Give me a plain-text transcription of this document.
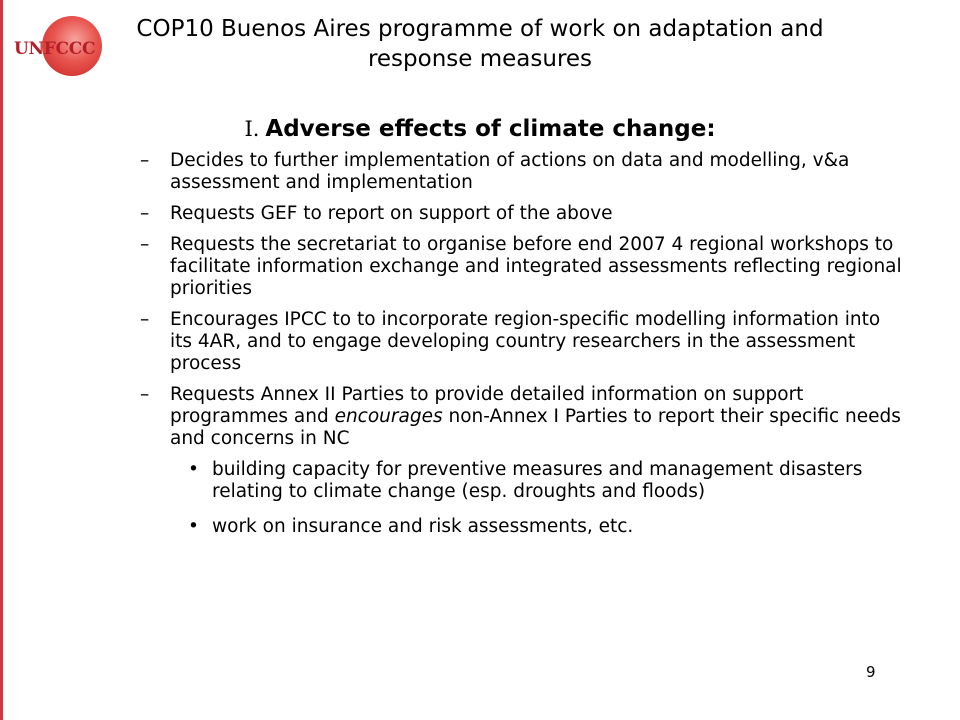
UNFCCC
COP10 Buenos Aires programme of work on adaptation and response measures
I. Adverse effects of climate change:
– Decides to further implementation of actions on data and modelling, v&a assessment and implementation
– Requests GEF to report on support of the above
– Requests the secretariat to organise before end 2007 4 regional workshops to facilitate information exchange and integrated assessments reflecting regional priorities
– Encourages IPCC to to incorporate region-specific modelling information into its 4AR, and to engage developing country researchers in the assessment process
– Requests Annex II Parties to provide detailed information on support programmes and encourages non-Annex I Parties to report their specific needs and concerns in NC
• building capacity for preventive measures and management disasters relating to climate change (esp. droughts and floods)
• work on insurance and risk assessments, etc.
9
